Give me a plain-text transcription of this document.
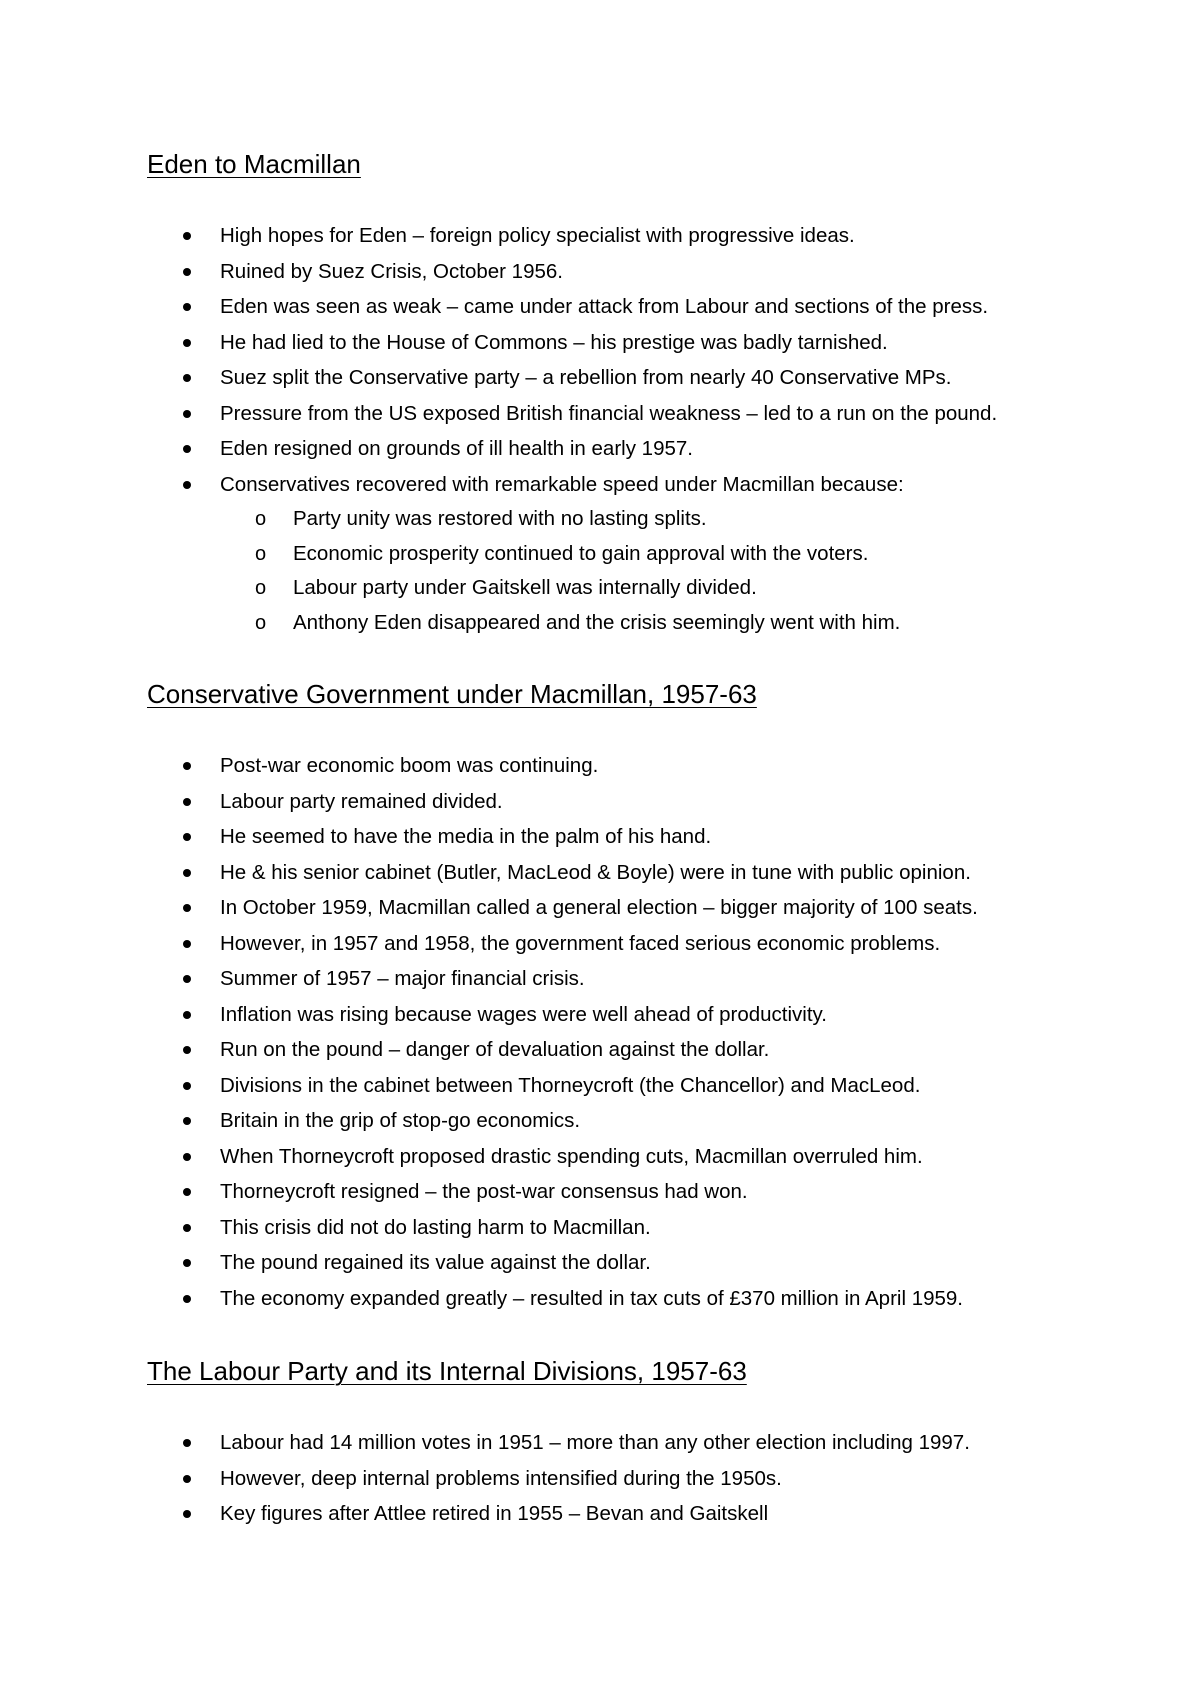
Eden to Macmillan
High hopes for Eden – foreign policy specialist with progressive ideas.
Ruined by Suez Crisis, October 1956.
Eden was seen as weak – came under attack from Labour and sections of the press.
He had lied to the House of Commons – his prestige was badly tarnished.
Suez split the Conservative party – a rebellion from nearly 40 Conservative MPs.
Pressure from the US exposed British financial weakness – led to a run on the pound.
Eden resigned on grounds of ill health in early 1957.
Conservatives recovered with remarkable speed under Macmillan because:
o Party unity was restored with no lasting splits.
o Economic prosperity continued to gain approval with the voters.
o Labour party under Gaitskell was internally divided.
o Anthony Eden disappeared and the crisis seemingly went with him.
Conservative Government under Macmillan, 1957-63
Post-war economic boom was continuing.
Labour party remained divided.
He seemed to have the media in the palm of his hand.
He & his senior cabinet (Butler, MacLeod & Boyle) were in tune with public opinion.
In October 1959, Macmillan called a general election – bigger majority of 100 seats.
However, in 1957 and 1958, the government faced serious economic problems.
Summer of 1957 – major financial crisis.
Inflation was rising because wages were well ahead of productivity.
Run on the pound – danger of devaluation against the dollar.
Divisions in the cabinet between Thorneycroft (the Chancellor) and MacLeod.
Britain in the grip of stop-go economics.
When Thorneycroft proposed drastic spending cuts, Macmillan overruled him.
Thorneycroft resigned – the post-war consensus had won.
This crisis did not do lasting harm to Macmillan.
The pound regained its value against the dollar.
The economy expanded greatly – resulted in tax cuts of £370 million in April 1959.
The Labour Party and its Internal Divisions, 1957-63
Labour had 14 million votes in 1951 – more than any other election including 1997.
However, deep internal problems intensified during the 1950s.
Key figures after Attlee retired in 1955 – Bevan and Gaitskell
